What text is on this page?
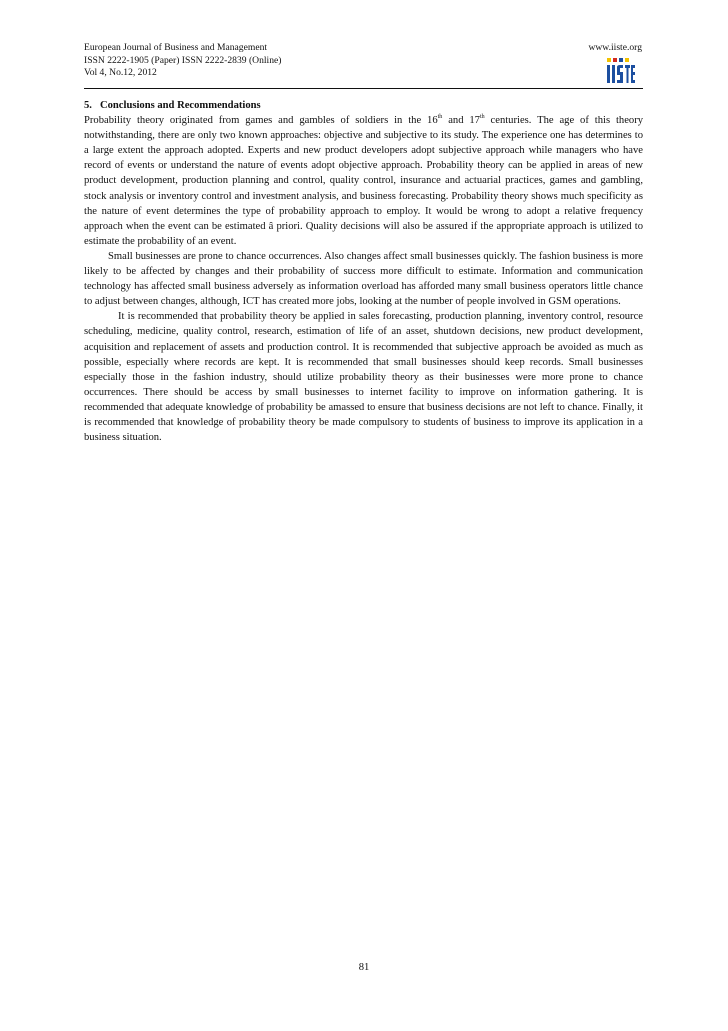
European Journal of Business and Management
ISSN 2222-1905 (Paper) ISSN 2222-2839 (Online)
Vol 4, No.12, 2012
www.iiste.org

5. Conclusions and Recommendations

Probability theory originated from games and gambles of soldiers in the 16th and 17th centuries. The age of this theory notwithstanding, there are only two known approaches: objective and subjective to its study. The experience one has determines to a large extent the approach adopted. Experts and new product developers adopt subjective approach while managers who have record of events or understand the nature of events adopt objective approach. Probability theory can be applied in areas of new product development, production planning and control, quality control, insurance and actuarial practices, games and gambling, stock analysis or inventory control and investment analysis, and business forecasting. Probability theory shows much specificity as the nature of event determines the type of probability approach to employ. It would be wrong to adopt a relative frequency approach when the event can be estimated â priori. Quality decisions will also be assured if the appropriate approach is utilized to estimate the probability of an event.

Small businesses are prone to chance occurrences. Also changes affect small businesses quickly. The fashion business is more likely to be affected by changes and their probability of success more difficult to estimate. Information and communication technology has affected small business adversely as information overload has afforded many small business operators little chance to adjust between changes, although, ICT has created more jobs, looking at the number of people involved in GSM operations.

It is recommended that probability theory be applied in sales forecasting, production planning, inventory control, resource scheduling, medicine, quality control, research, estimation of life of an asset, shutdown decisions, new product development, acquisition and replacement of assets and production control. It is recommended that subjective approach be avoided as much as possible, especially where records are kept. It is recommended that small businesses should keep records. Small businesses especially those in the fashion industry, should utilize probability theory as their businesses were more prone to chance occurrences. There should be access by small businesses to internet facility to improve on information gathering. It is recommended that adequate knowledge of probability be amassed to ensure that business decisions are not left to chance. Finally, it is recommended that knowledge of probability theory be made compulsory to students of business to improve its application in a business situation.

81
